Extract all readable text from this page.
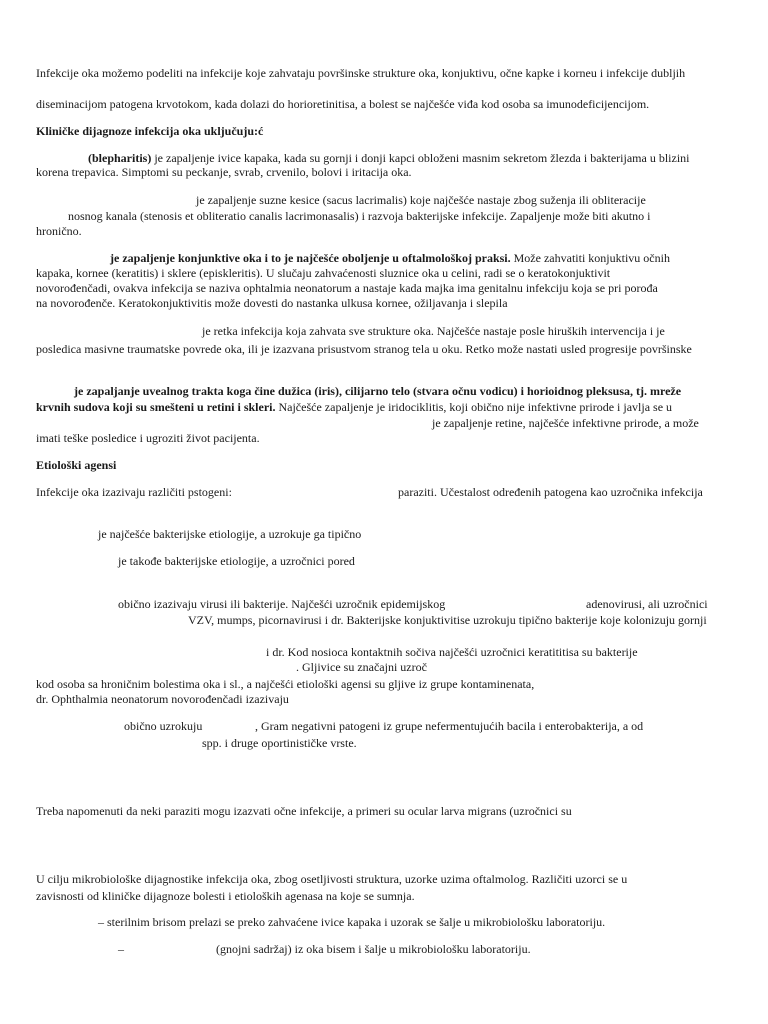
Infekcije oka možemo podeliti na infekcije koje zahvataju površinske strukture oka, konjuktivu, očne kapke i korneu i infekcije dubljih
diseminacijom patogena krvotokom, kada dolazi do horioretinitisa, a bolest se najčešće viđa kod osoba sa imunodeficijencijom.
Kliničke dijagnoze infekcija oka uključuju:ć
(blepharitis) je zapaljenje ivice kapaka, kada su gornji i donji kapci obloženi masnim sekretom žlezda i bakterijama u blizini
korena trepavica. Simptomi su peckanje, svrab, crvenilo, bolovi i iritacija oka.
je zapaljenje suzne kesice (sacus lacrimalis) koje najčešće nastaje zbog suženja ili obliteracije
nosnog kanala (stenosis et obliteratio canalis lacrimonasalis) i razvoja bakterijske infekcije. Zapaljenje može biti akutno i
hronično.
je zapaljenje konjunktive oka i to je najčešće oboljenje u oftalmološkoj praksi. Može zahvatiti konjuktivu očnih
kapaka, kornee (keratitis) i sklere (episkleritis). U slučaju zahvaćenosti sluznice oka u celini, radi se o keratokonjuktivit
novorođenčadi, ovakva infekcija se naziva ophtalmia neonatorum a nastaje kada majka ima genitalnu infekciju koja se pri porođa
na novorođenče. Keratokonjuktivitis može dovesti do nastanka ulkusa kornee, ožiljavanja i slepila
je retka infekcija koja zahvata sve strukture oka. Najčešće nastaje posle hiruških intervencija i je
posledica masivne traumatske povrede oka, ili je izazvana prisustvom stranog tela u oku. Retko može nastati usled progresije površinske
je zapaljanje uvealnog trakta koga čine dužica (iris), cilijarno telo (stvara očnu vodicu) i horioidnog pleksusa, tj. mreže
krvnih sudova koji su smešteni u retini i skleri. Najčešće zapaljenje je iridociklitis, koji obično nije infektivne prirode i javlja se u
je zapaljenje retine, najčešće infektivne prirode, a može
imati teške posledice i ugroziti život pacijenta.
Etiološki agensi
Infekcije oka izazivaju različiti pstogeni:	paraziti. Učestalost određenih patogena kao uzročnika infekcija
je najčešće bakterijske etiologije, a uzrokuje ga tipično
je takođe bakterijske etiologije, a uzročnici pored
obično izazivaju virusi ili bakterije. Najčešći uzročnik epidemijskog	adenovirusi, ali uzročnici
VZV, mumps, picornavirusi i dr. Bakterijske konjuktivitise uzrokuju tipično bakterije koje kolonizuju gornji
i dr. Kod nosioca kontaktnih sočiva najčešći uzročnici keratititisa su bakterije
. Gljivice su značajni uzroč
kod osoba sa hroničnim bolestima oka i sl., a najčešći etiološki agensi su gljive iz grupe kontaminenata,
dr. Ophthalmia neonatorum novorođenčadi izazivaju
obično uzrokuju	, Gram negativni patogeni iz grupe nefermentujućih bacila i enterobakterija, a od
spp. i druge oportinističke vrste.
Treba napomenuti da neki paraziti mogu izazvati očne infekcije, a primeri su ocular larva migrans (uzročnici su
U cilju mikrobiološke dijagnostike infekcija oka, zbog osetljivosti struktura, uzorke uzima oftalmolog. Različiti uzorci se u
zavisnosti od kliničke dijagnoze bolesti i etioloških agenasa na koje se sumnja.
– sterilnim brisom prelazi se preko zahvaćene ivice kapaka i uzorak se šalje u mikrobiološku laboratoriju.
–	(gnojni sadržaj) iz oka bisem i šalje u mikrobiološku laboratoriju.
